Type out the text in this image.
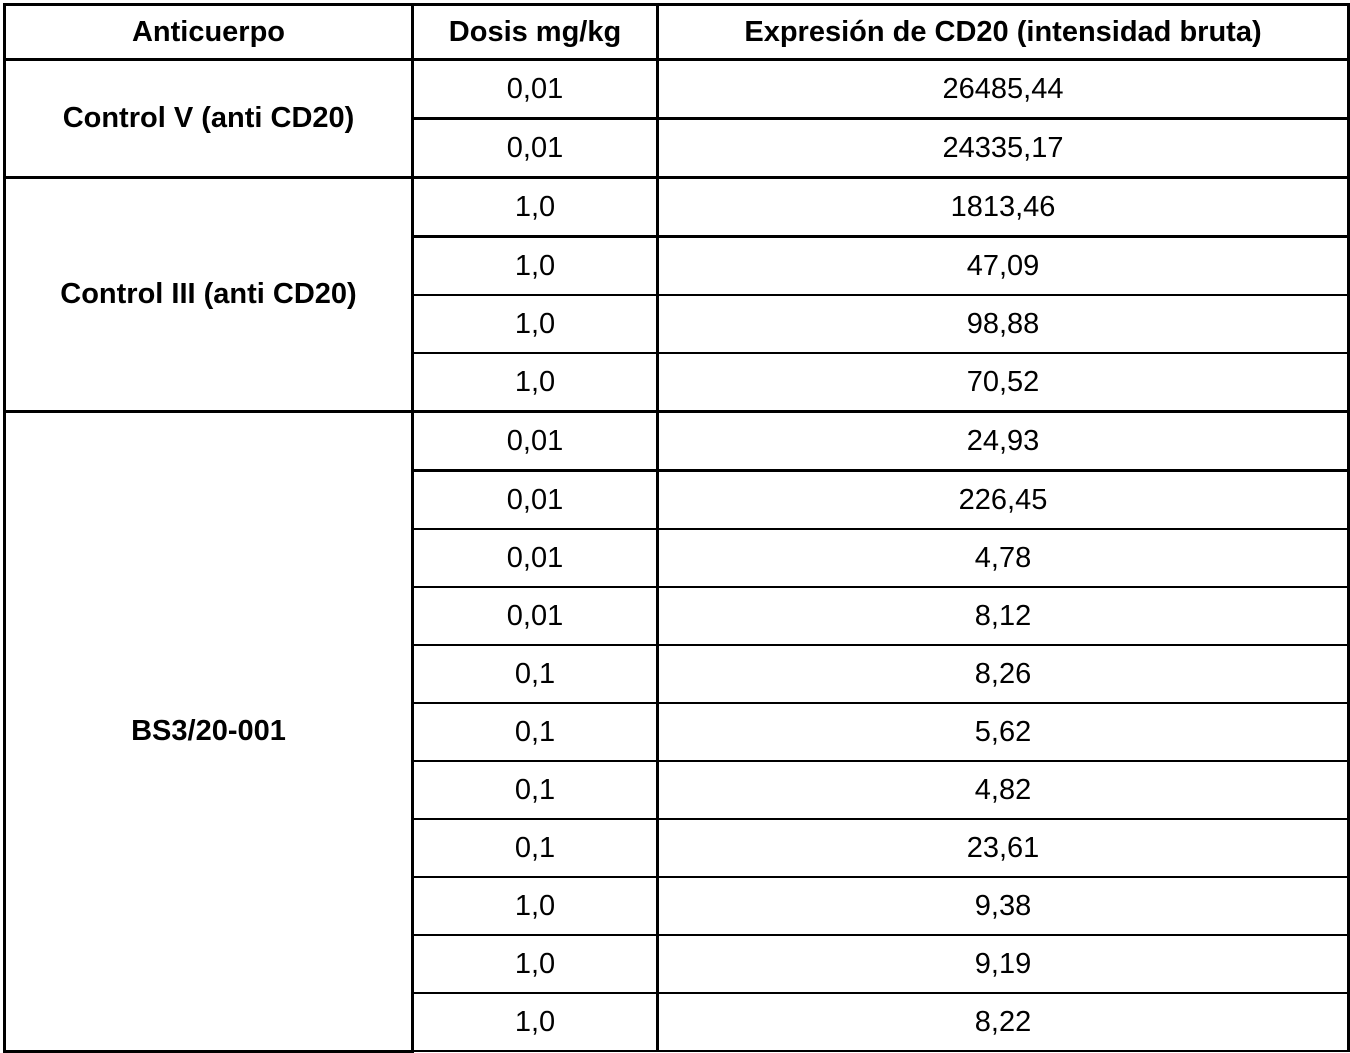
Anticuerpo	Dosis mg/kg	Expresión de CD20 (intensidad bruta)
Control V (anti CD20)	0,01	26485,44
	0,01	24335,17
Control III (anti CD20)	1,0	1813,46
	1,0	47,09
	1,0	98,88
	1,0	70,52
BS3/20-001	0,01	24,93
	0,01	226,45
	0,01	4,78
	0,01	8,12
	0,1	8,26
	0,1	5,62
	0,1	4,82
	0,1	23,61
	1,0	9,38
	1,0	9,19
	1,0	8,22
